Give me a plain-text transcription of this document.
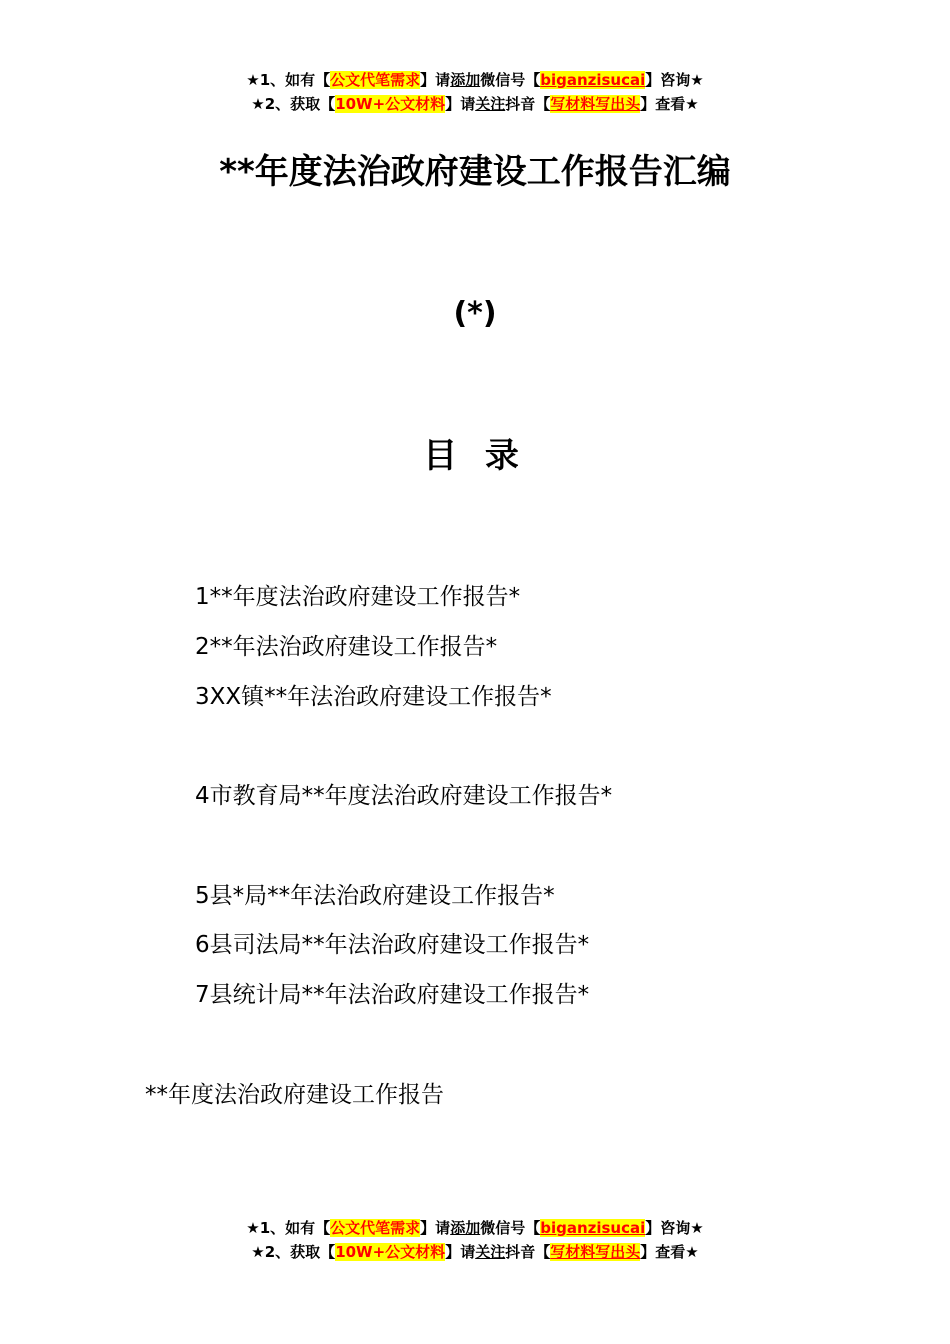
★1、如有【公文代笔需求】请添加微信号【biganzisucai】咨询★
★2、获取【10W+公文材料】请关注抖音【写材料写出头】查看★
**年度法治政府建设工作报告汇编
(*)
目 录
1**年度法治政府建设工作报告*
2**年法治政府建设工作报告*
3XX镇**年法治政府建设工作报告*
4市教育局**年度法治政府建设工作报告*
5县*局**年法治政府建设工作报告*
6县司法局**年法治政府建设工作报告*
7县统计局**年法治政府建设工作报告*
**年度法治政府建设工作报告
★1、如有【公文代笔需求】请添加微信号【biganzisucai】咨询★
★2、获取【10W+公文材料】请关注抖音【写材料写出头】查看★
